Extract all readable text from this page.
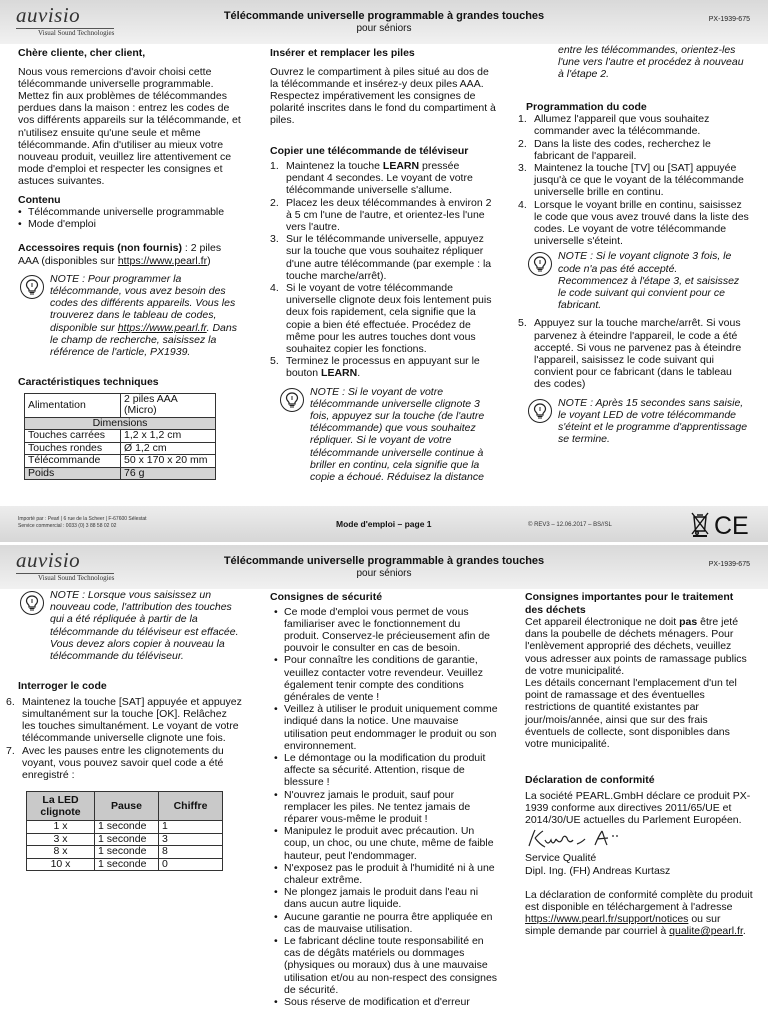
auvisio
Visual Sound Technologies
Télécommande universelle programmable à grandes touches
pour séniors
PX-1939-675
Chère cliente, cher client,

Nous vous remercions d'avoir choisi cette télécommande universelle programmable. Mettez fin aux problèmes de télécommandes perdues dans la maison : entrez les codes de vos différents appareils sur la télécommande, et n'utilisez ensuite qu'une seule et même télécommande. Afin d'utiliser au mieux votre nouveau produit, veuillez lire attentivement ce mode d'emploi et respecter les consignes et astuces suivantes.

Contenu
• Télécommande universelle programmable
• Mode d'emploi

Accessoires requis (non fournis) : 2 piles AAA (disponibles sur https://www.pearl.fr)

NOTE : Pour programmer la télécommande, vous avez besoin des codes des différents appareils. Vous les trouverez dans le tableau de codes, disponible sur https://www.pearl.fr. Dans le champ de recherche, saisissez la référence de l'article, PX1939.
Caractéristiques techniques
Alimentation	2 piles AAA (Micro)
Dimensions	
Touches carrées	1,2 x 1,2 cm
Touches rondes	Ø 1,2 cm
Télécommande	50 x 170 x 20 mm
Poids	76 g
Insérer et remplacer les piles

Ouvrez le compartiment à piles situé au dos de la télécommande et insérez-y deux piles AAA. Respectez impérativement les consignes de polarité inscrites dans le fond du compartiment à piles.

Copier une télécommande de téléviseur
1. Maintenez la touche LEARN pressée pendant 4 secondes. Le voyant de votre télécommande universelle s'allume.
2. Placez les deux télécommandes à environ 2 à 5 cm l'une de l'autre, et orientez-les l'une vers l'autre.
3. Sur le télécommande universelle, appuyez sur la touche que vous souhaitez répliquer d'une autre télécommande (par exemple : la touche marche/arrêt).
4. Si le voyant de votre télécommande universelle clignote deux fois lentement puis deux fois rapidement, cela signifie que la copie a bien été effectuée. Procédez de même pour les autres touches dont vous souhaitez copier les fonctions.
5. Terminez le processus en appuyant sur le bouton LEARN.
NOTE : Si le voyant de votre télécommande universelle clignote 3 fois, appuyez sur la touche (de l'autre télécommande) que vous souhaitez répliquer. Si le voyant de votre télécommande universelle continue à briller en continu, cela signifie que la copie a échoué. Réduisez la distance

entre les télécommandes, orientez-les l'une vers l'autre et procédez à nouveau à l'étape 2.

Programmation du code
1. Allumez l'appareil que vous souhaitez commander avec la télécommande.
2. Dans la liste des codes, recherchez le fabricant de l'appareil.
3. Maintenez la touche [TV] ou [SAT] appuyée jusqu'à ce que le voyant de la télécommande universelle brille en continu.
4. Lorsque le voyant brille en continu, saisissez le code que vous avez trouvé dans la liste des codes. Le voyant de votre télécommande universelle s'éteint.
NOTE : Si le voyant clignote 3 fois, le code n'a pas été accepté. Recommencez à l'étape 3, et saisissez le code suivant qui convient pour ce fabricant.
5. Appuyez sur la touche marche/arrêt. Si vous parvenez à éteindre l'appareil, le code a été accepté. Si vous ne parvenez pas à éteindre l'appareil, saisissez le code suivant qui convient pour ce fabricant (dans le tableau des codes)
NOTE : Après 15 secondes sans saisie, le voyant LED de votre télécommande s'éteint et le programme d'apprentissage se termine.
Importé par : Pearl | 6 rue de la Scheer | F-67600 Sélestat
Service commercial : 0033 (0) 3 88 58 02 02	Mode d'emploi – page 1	© REV3 – 12.06.2017 – BS//SL	CE
auvisio
Visual Sound Technologies
Télécommande universelle programmable à grandes touches
pour séniors
PX-1939-675
NOTE : Lorsque vous saisissez un nouveau code, l'attribution des touches qui a été répliquée à partir de la télécommande du téléviseur est effacée. Vous devez alors copier à nouveau la télécommande du téléviseur.
Interroger le code
6. Maintenez la touche [SAT] appuyée et appuyez simultanément sur la touche [OK]. Relâchez les touches simultanément. Le voyant de votre télécommande universelle clignote une fois.
7. Avec les pauses entre les clignotements du voyant, vous pouvez savoir quel code a été enregistré :
La LED clignote	Pause	Chiffre
1 x	1 seconde	1
3 x	1 seconde	3
8 x	1 seconde	8
10 x	1 seconde	0
Consignes de sécurité
• Ce mode d'emploi vous permet de vous familiariser avec le fonctionnement du produit. Conservez-le précieusement afin de pouvoir le consulter en cas de besoin.
• Pour connaître les conditions de garantie, veuillez contacter votre revendeur. Veuillez également tenir compte des conditions générales de vente !
• Veillez à utiliser le produit uniquement comme indiqué dans la notice. Une mauvaise utilisation peut endommager le produit ou son environnement.
• Le démontage ou la modification du produit affecte sa sécurité. Attention, risque de blessure !
• N'ouvrez jamais le produit, sauf pour remplacer les piles. Ne tentez jamais de réparer vous-même le produit !
• Manipulez le produit avec précaution. Un coup, un choc, ou une chute, même de faible hauteur, peut l'endommager.
• N'exposez pas le produit à l'humidité ni à une chaleur extrême.
• Ne plongez jamais le produit dans l'eau ni dans aucun autre liquide.
• Aucune garantie ne pourra être appliquée en cas de mauvaise utilisation.
• Le fabricant décline toute responsabilité en cas de dégâts matériels ou dommages (physiques ou moraux) dus à une mauvaise utilisation et/ou au non-respect des consignes de sécurité.
• Sous réserve de modification et d'erreur
Consignes importantes pour le traitement des déchets

Cet appareil électronique ne doit pas être jeté dans la poubelle de déchets ménagers. Pour l'enlèvement approprié des déchets, veuillez vous adresser aux points de ramassage publics de votre municipalité.

Les détails concernant l'emplacement d'un tel point de ramassage et des éventuelles restrictions de quantité existantes par jour/mois/année, ainsi que sur des frais éventuels de collecte, sont disponibles dans votre municipalité.

Déclaration de conformité

La société PEARL.GmbH déclare ce produit PX-1939 conforme aux directives 2011/65/UE et 2014/30/UE actuelles du Parlement Européen.

Service Qualité

Dipl. Ing. (FH) Andreas Kurtasz

La déclaration de conformité complète du produit est disponible en téléchargement à l'adresse https://www.pearl.fr/support/notices ou sur simple demande par courriel à qualite@pearl.fr.
